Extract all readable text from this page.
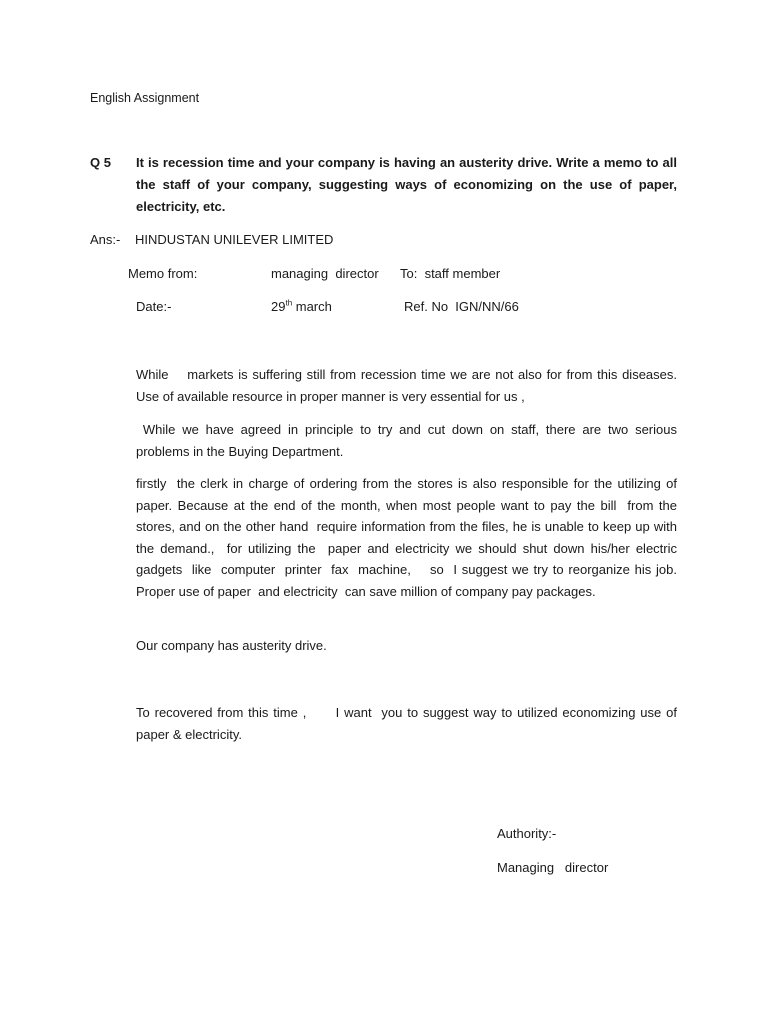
English Assignment
Q 5 It is recession time and your company is having an austerity drive. Write a memo to all the staff of your company, suggesting ways of economizing on the use of paper, electricity, etc.

Ans:- HINDUSTAN UNILEVER LIMITED
Memo from:	managing  director To:  staff member
Date:-	29th march	Ref. No  IGN/NN/66

While    markets is suffering still from recession time we are not also for from this diseases.  Use of available resource in proper manner is very essential for us ,

While we have agreed in principle to try and cut down on staff, there are two serious problems in the Buying Department.

firstly  the clerk in charge of ordering from the stores is also responsible for the utilizing of paper. Because at the end of the month, when most people want to pay the bill  from the stores, and on the other hand  require information from the files, he is unable to keep up with the demand.,  for utilizing the  paper and electricity we should shut down his/her electric gadgets  like  computer  printer  fax  machine,    so  I suggest we try to reorganize his job.  Proper use of paper  and electricity  can save million of company pay packages.

Our company has austerity drive.

To recovered from this time ,      I want  you to suggest way to utilized economizing use of paper & electricity.

Authority:-
Managing   director
